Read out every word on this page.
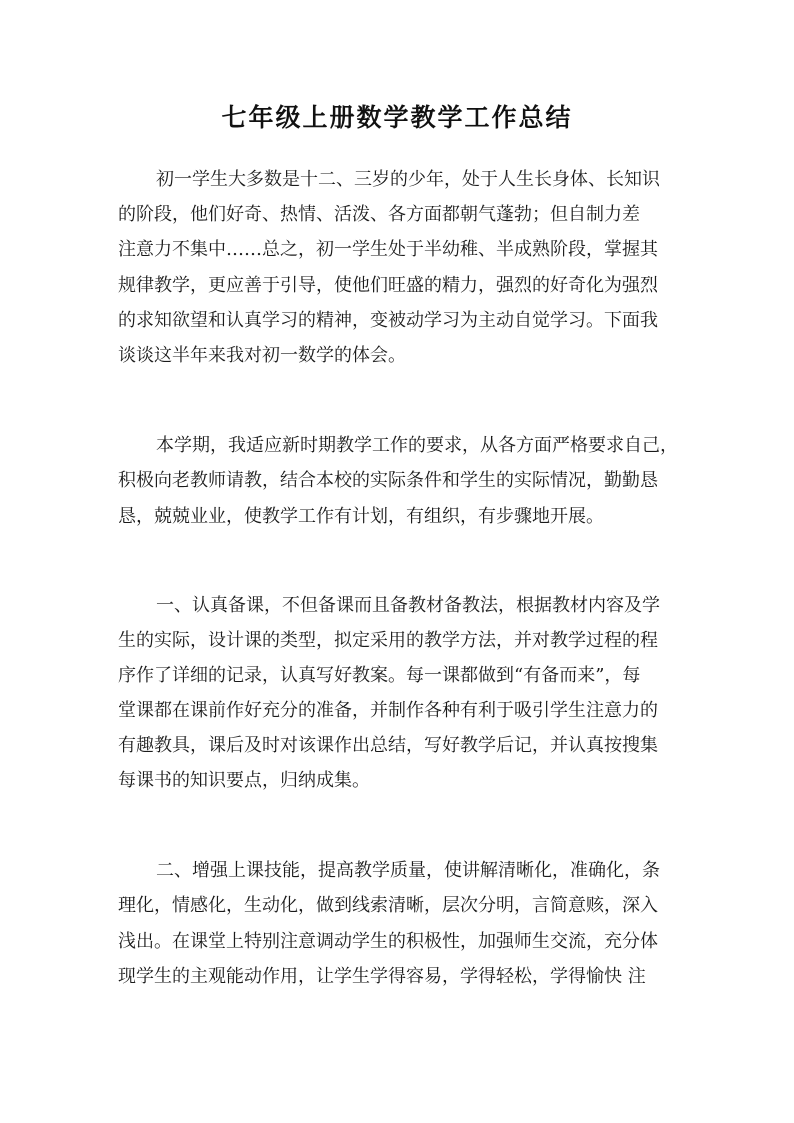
七年级上册数学教学工作总结

初一学生大多数是十二、三岁的少年，处于人生长身体、长知识

的阶段，他们好奇、热情、活泼、各方面都朝气蓬勃；但自制力差

注意力不集中……总之，初一学生处于半幼稚、半成熟阶段，掌握其

规律教学，更应善于引导，使他们旺盛的精力，强烈的好奇化为强烈

的求知欲望和认真学习的精神，变被动学习为主动自觉学习。下面我

谈谈这半年来我对初一数学的体会。

本学期，我适应新时期教学工作的要求，从各方面严格要求自己，

积极向老教师请教，结合本校的实际条件和学生的实际情况，勤勤恳

恳，兢兢业业，使教学工作有计划，有组织，有步骤地开展。

一、认真备课，不但备课而且备教材备教法，根据教材内容及学

生的实际，设计课的类型，拟定采用的教学方法，并对教学过程的程

序作了详细的记录，认真写好教案。每一课都做到“有备而来”，每

堂课都在课前作好充分的准备，并制作各种有利于吸引学生注意力的

有趣教具，课后及时对该课作出总结，写好教学后记，并认真按搜集

每课书的知识要点，归纳成集。

二、增强上课技能，提高教学质量，使讲解清晰化，准确化，条

理化，情感化，生动化，做到线索清晰，层次分明，言简意赅，深入

浅出。在课堂上特别注意调动学生的积极性，加强师生交流，充分体

现学生的主观能动作用，让学生学得容易，学得轻松，学得愉快 注
